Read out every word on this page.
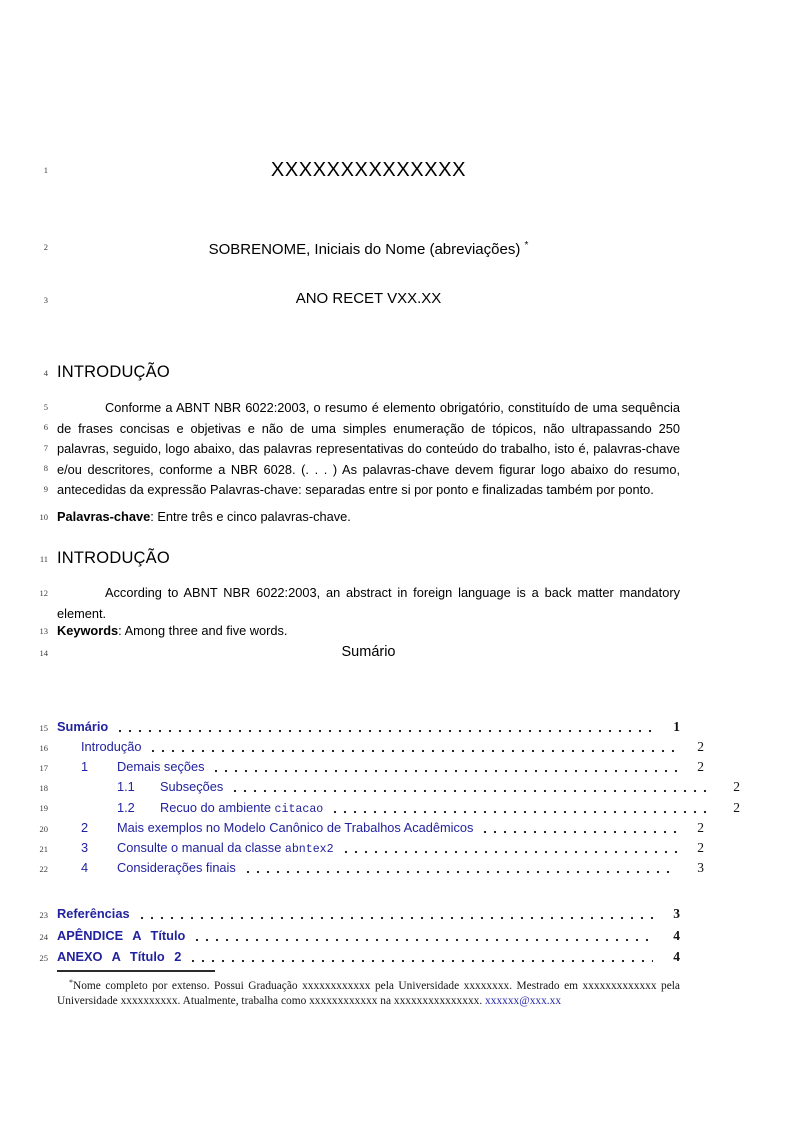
1
2
3
4
5
6
7
8
9
10
11
12
13
14
15
16
17
18
19
20
21
22
23
24
25
XXXXXXXXXXXXXX
SOBRENOME, Iniciais do Nome (abreviações) *
ANO RECET VXX.XX
INTRODUÇÃO
Conforme a ABNT NBR 6022:2003, o resumo é elemento obrigatório, constituído de uma sequência de frases concisas e objetivas e não de uma simples enumeração de tópicos, não ultrapassando 250 palavras, seguido, logo abaixo, das palavras representativas do conteúdo do trabalho, isto é, palavras-chave e/ou descritores, conforme a NBR 6028. (. . . ) As palavras-chave devem figurar logo abaixo do resumo, antecedidas da expressão Palavras-chave: separadas entre si por ponto e finalizadas também por ponto.
Palavras-chave: Entre três e cinco palavras-chave.
INTRODUÇÃO
According to ABNT NBR 6022:2003, an abstract in foreign language is a back matter mandatory element.
Keywords: Among three and five words.
Sumário
Sumário	1
Introdução	2
1	Demais seções	2
1.1	Subseções	2
1.2	Recuo do ambiente citacao	2
2	Mais exemplos no Modelo Canônico de Trabalhos Acadêmicos	2
3	Consulte o manual da classe abntex2	2
4	Considerações finais	3
Referências	3
APÊNDICE A Título	4
ANEXO A Título 2	4
*Nome completo por extenso. Possui Graduação xxxxxxxxxxxx pela Universidade xxxxxxxx. Mestrado em xxxxxxxxxxxxx pela Universidade xxxxxxxxxx. Atualmente, trabalha como xxxxxxxxxxxx na xxxxxxxxxxxxxxx. xxxxxx@xxx.xx
